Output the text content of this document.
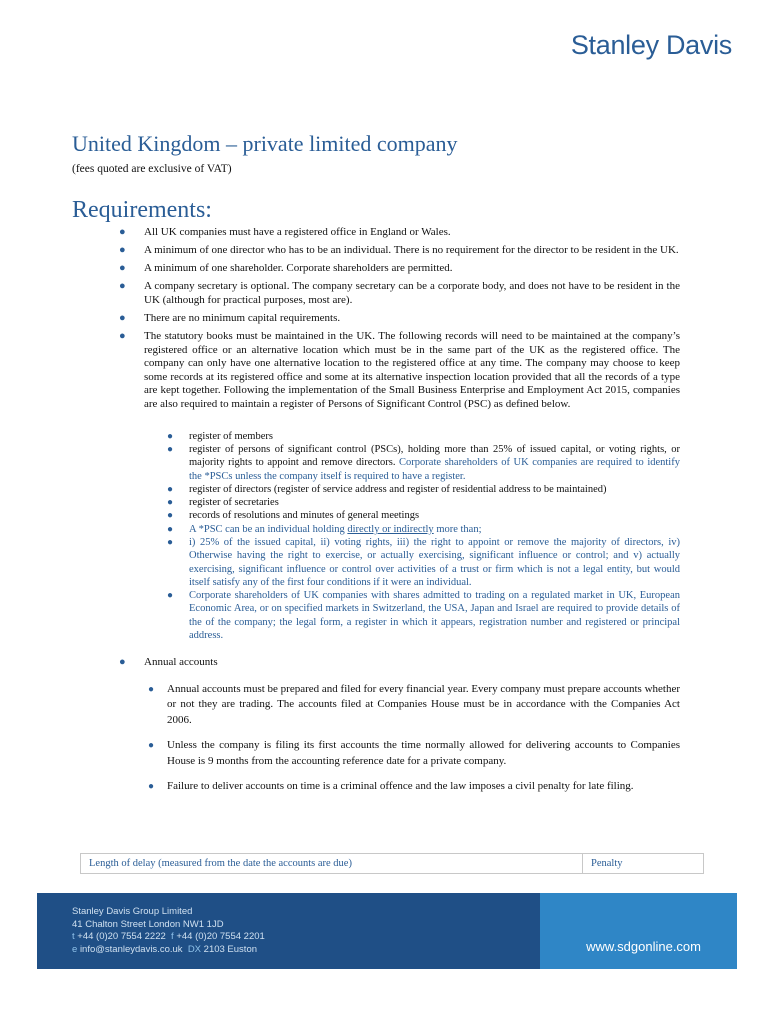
Stanley Davis
United Kingdom – private limited company
(fees quoted are exclusive of VAT)
Requirements:
● All UK companies must have a registered office in England or Wales.
● A minimum of one director who has to be an individual. There is no requirement for the director to be resident in the UK.
● A minimum of one shareholder. Corporate shareholders are permitted.
● A company secretary is optional. The company secretary can be a corporate body, and does not have to be resident in the UK (although for practical purposes, most are).
● There are no minimum capital requirements.
● The statutory books must be maintained in the UK. The following records will need to be maintained at the company’s registered office or an alternative location which must be in the same part of the UK as the registered office. The company can only have one alternative location to the registered office at any time. The company may choose to keep some records at its registered office and some at its alternative inspection location provided that all the records of a type are kept together. Following the implementation of the Small Business Enterprise and Employment Act 2015, companies are also required to maintain a register of Persons of Significant Control (PSC) as defined below.
● register of members
● register of persons of significant control (PSCs), holding more than 25% of issued capital, or voting rights, or majority rights to appoint and remove directors. Corporate shareholders of UK companies are required to identify the *PSCs unless the company itself is required to have a register.
● register of directors (register of service address and register of residential address to be maintained)
● register of secretaries
● records of resolutions and minutes of general meetings
● A *PSC can be an individual holding directly or indirectly more than;
● i) 25% of the issued capital, ii) voting rights, iii) the right to appoint or remove the majority of directors, iv) Otherwise having the right to exercise, or actually exercising, significant influence or control; and v) actually exercising, significant influence or control over activities of a trust or firm which is not a legal entity, but would itself satisfy any of the first four conditions if it were an individual.
● Corporate shareholders of UK companies with shares admitted to trading on a regulated market in UK, European Economic Area, or on specified markets in Switzerland, the USA, Japan and Israel are required to provide details of the of the company; the legal form, a register in which it appears, registration number and registered or principal address.
● Annual accounts
● Annual accounts must be prepared and filed for every financial year. Every company must prepare accounts whether or not they are trading. The accounts filed at Companies House must be in accordance with the Companies Act 2006.
● Unless the company is filing its first accounts the time normally allowed for delivering accounts to Companies House is 9 months from the accounting reference date for a private company.
● Failure to deliver accounts on time is a criminal offence and the law imposes a civil penalty for late filing.
Length of delay (measured from the date the accounts are due)	Penalty
Stanley Davis Group Limited
41 Chalton Street London NW1 1JD
t +44 (0)20 7554 2222 f +44 (0)20 7554 2201
e info@stanleydavis.co.uk DX 2103 Euston	www.sdgonline.com
